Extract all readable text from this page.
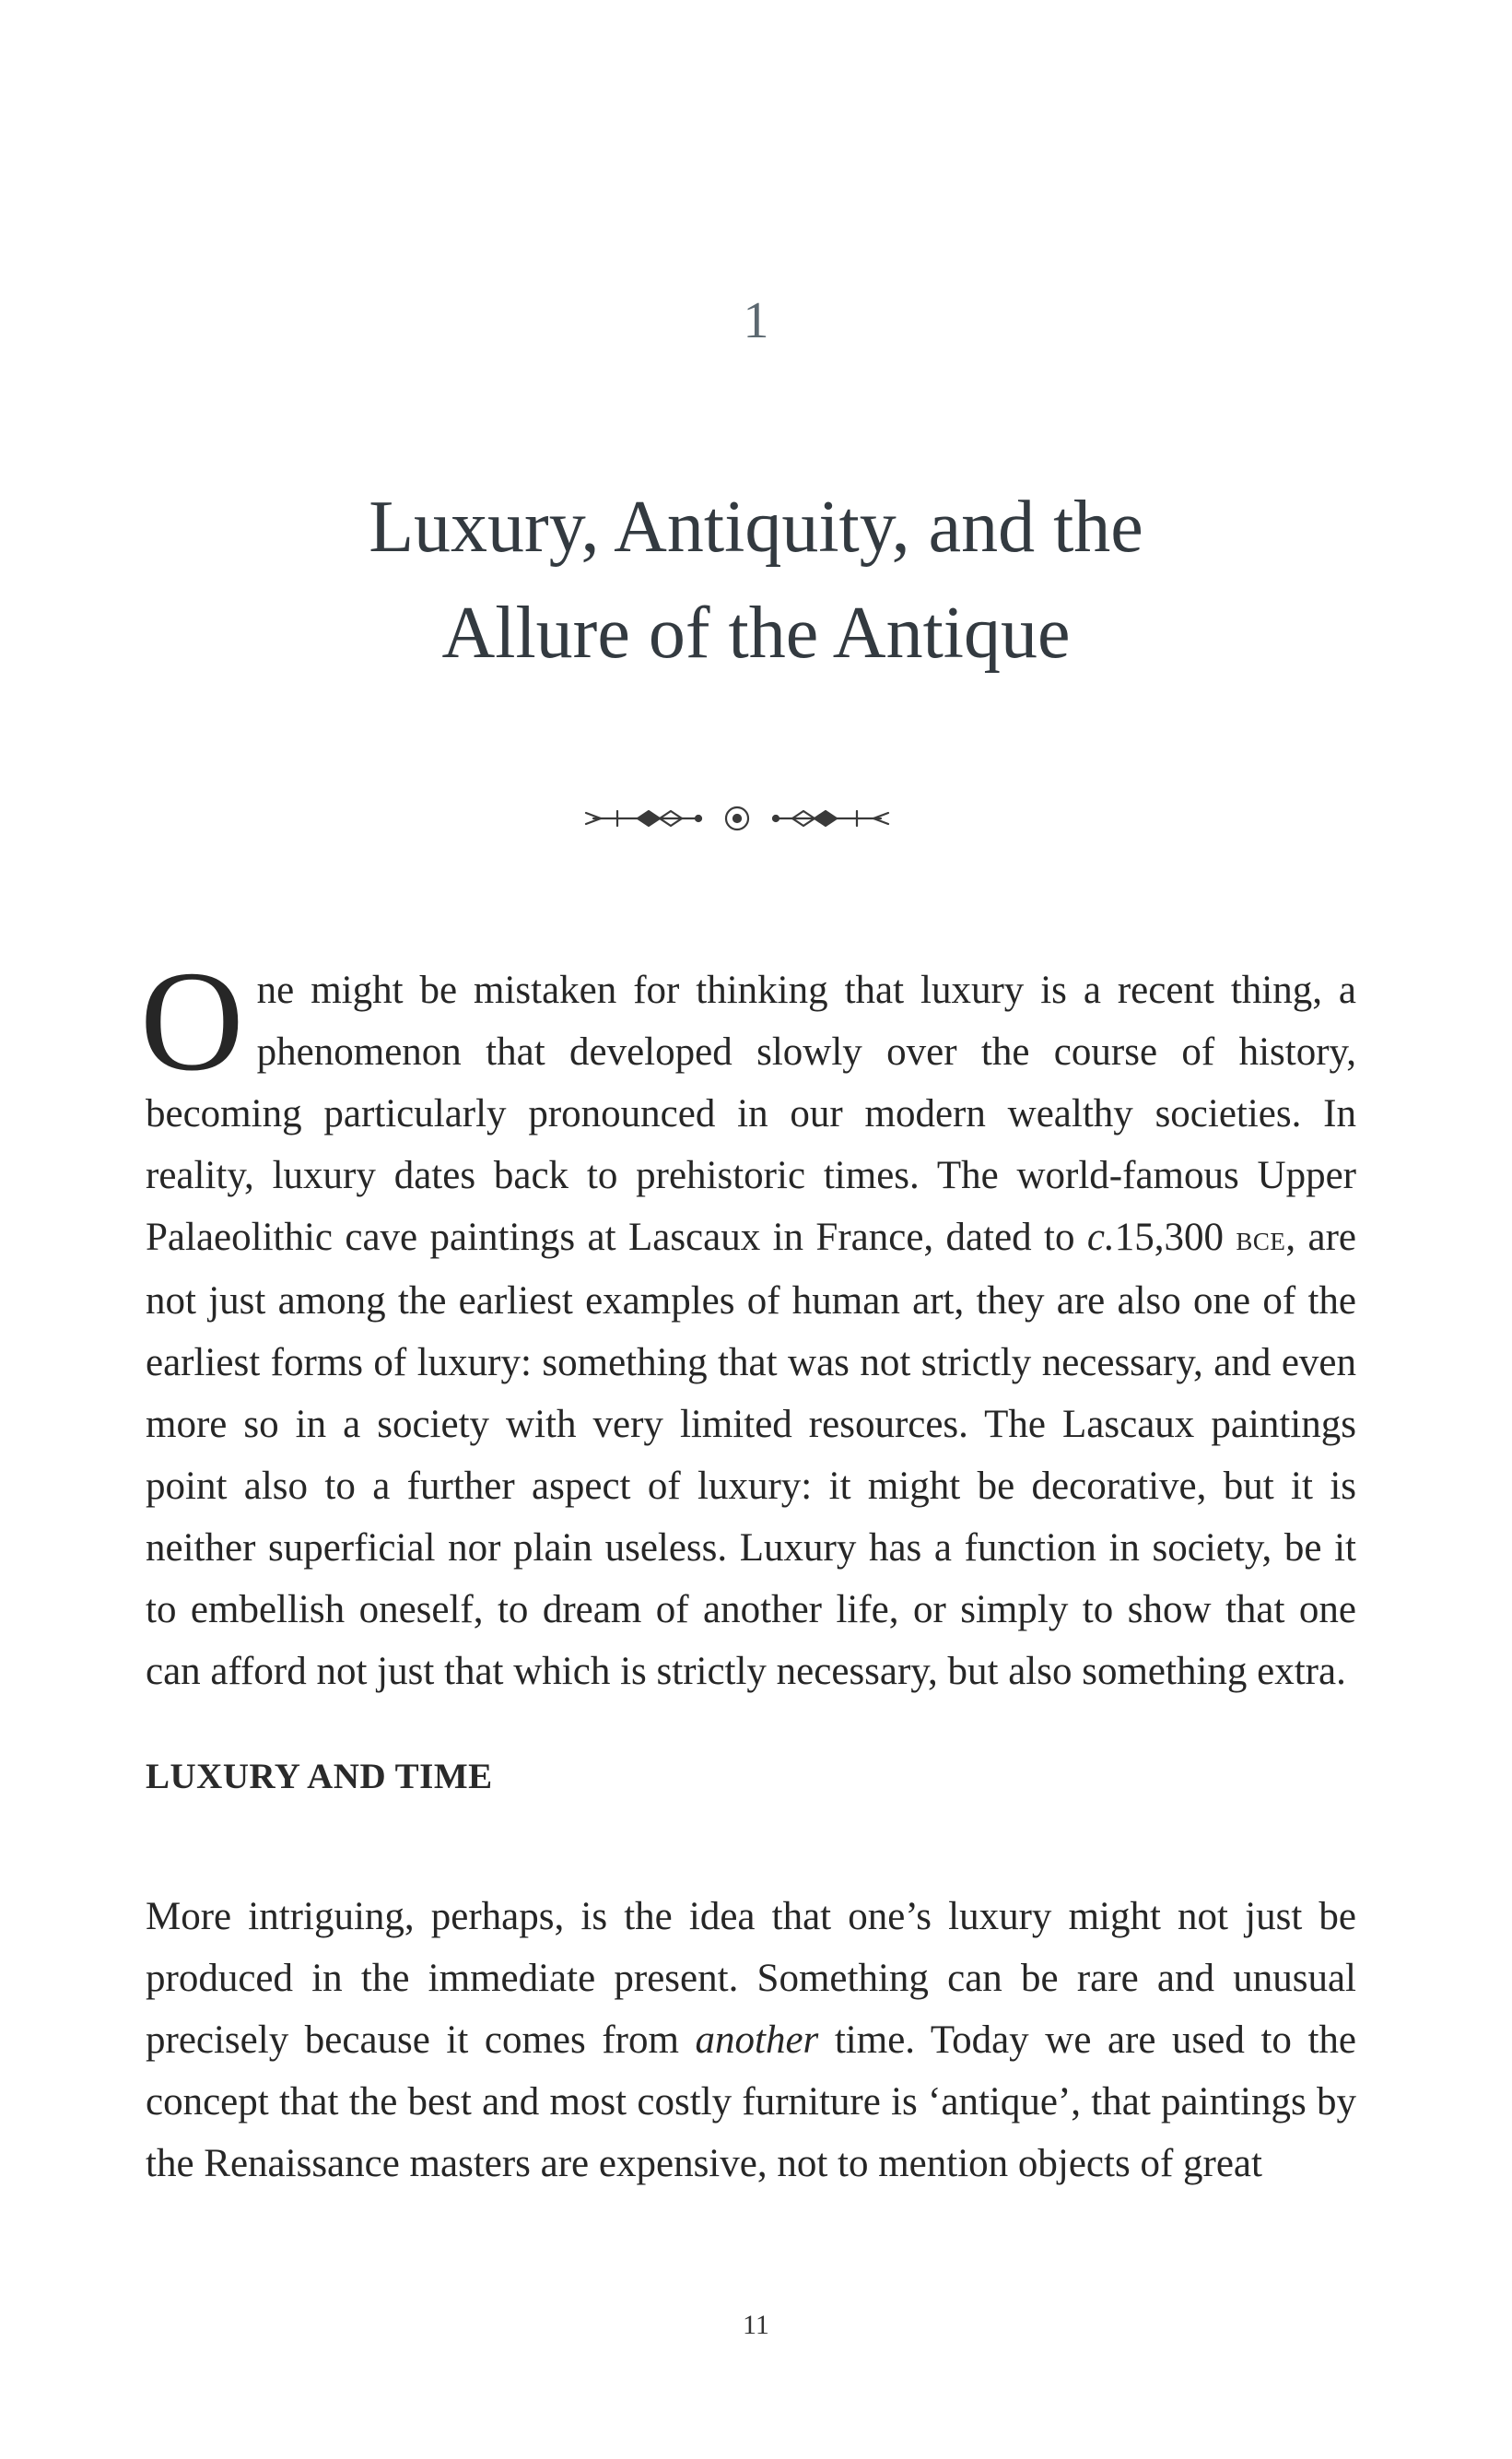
1
Luxury, Antiquity, and the
Allure of the Antique

One might be mistaken for thinking that luxury is a recent thing, a phenomenon that developed slowly over the course of history, becoming particularly pronounced in our modern wealthy societies. In reality, luxury dates back to prehistoric times. The world-famous Upper Palaeolithic cave paintings at Lascaux in France, dated to c.15,300 bce, are not just among the earliest examples of human art, they are also one of the earliest forms of luxury: something that was not strictly necessary, and even more so in a society with very limited resources. The Lascaux paintings point also to a further aspect of luxury: it might be decorative, but it is neither superficial nor plain useless. Luxury has a function in society, be it to embellish oneself, to dream of another life, or simply to show that one can afford not just that which is strictly necessary, but also something extra.

LUXURY AND TIME

More intriguing, perhaps, is the idea that one’s luxury might not just be produced in the immediate present. Something can be rare and unusual precisely because it comes from another time. Today we are used to the concept that the best and most costly furniture is ‘antique’, that paintings by the Renaissance masters are expensive, not to mention objects of great

11
